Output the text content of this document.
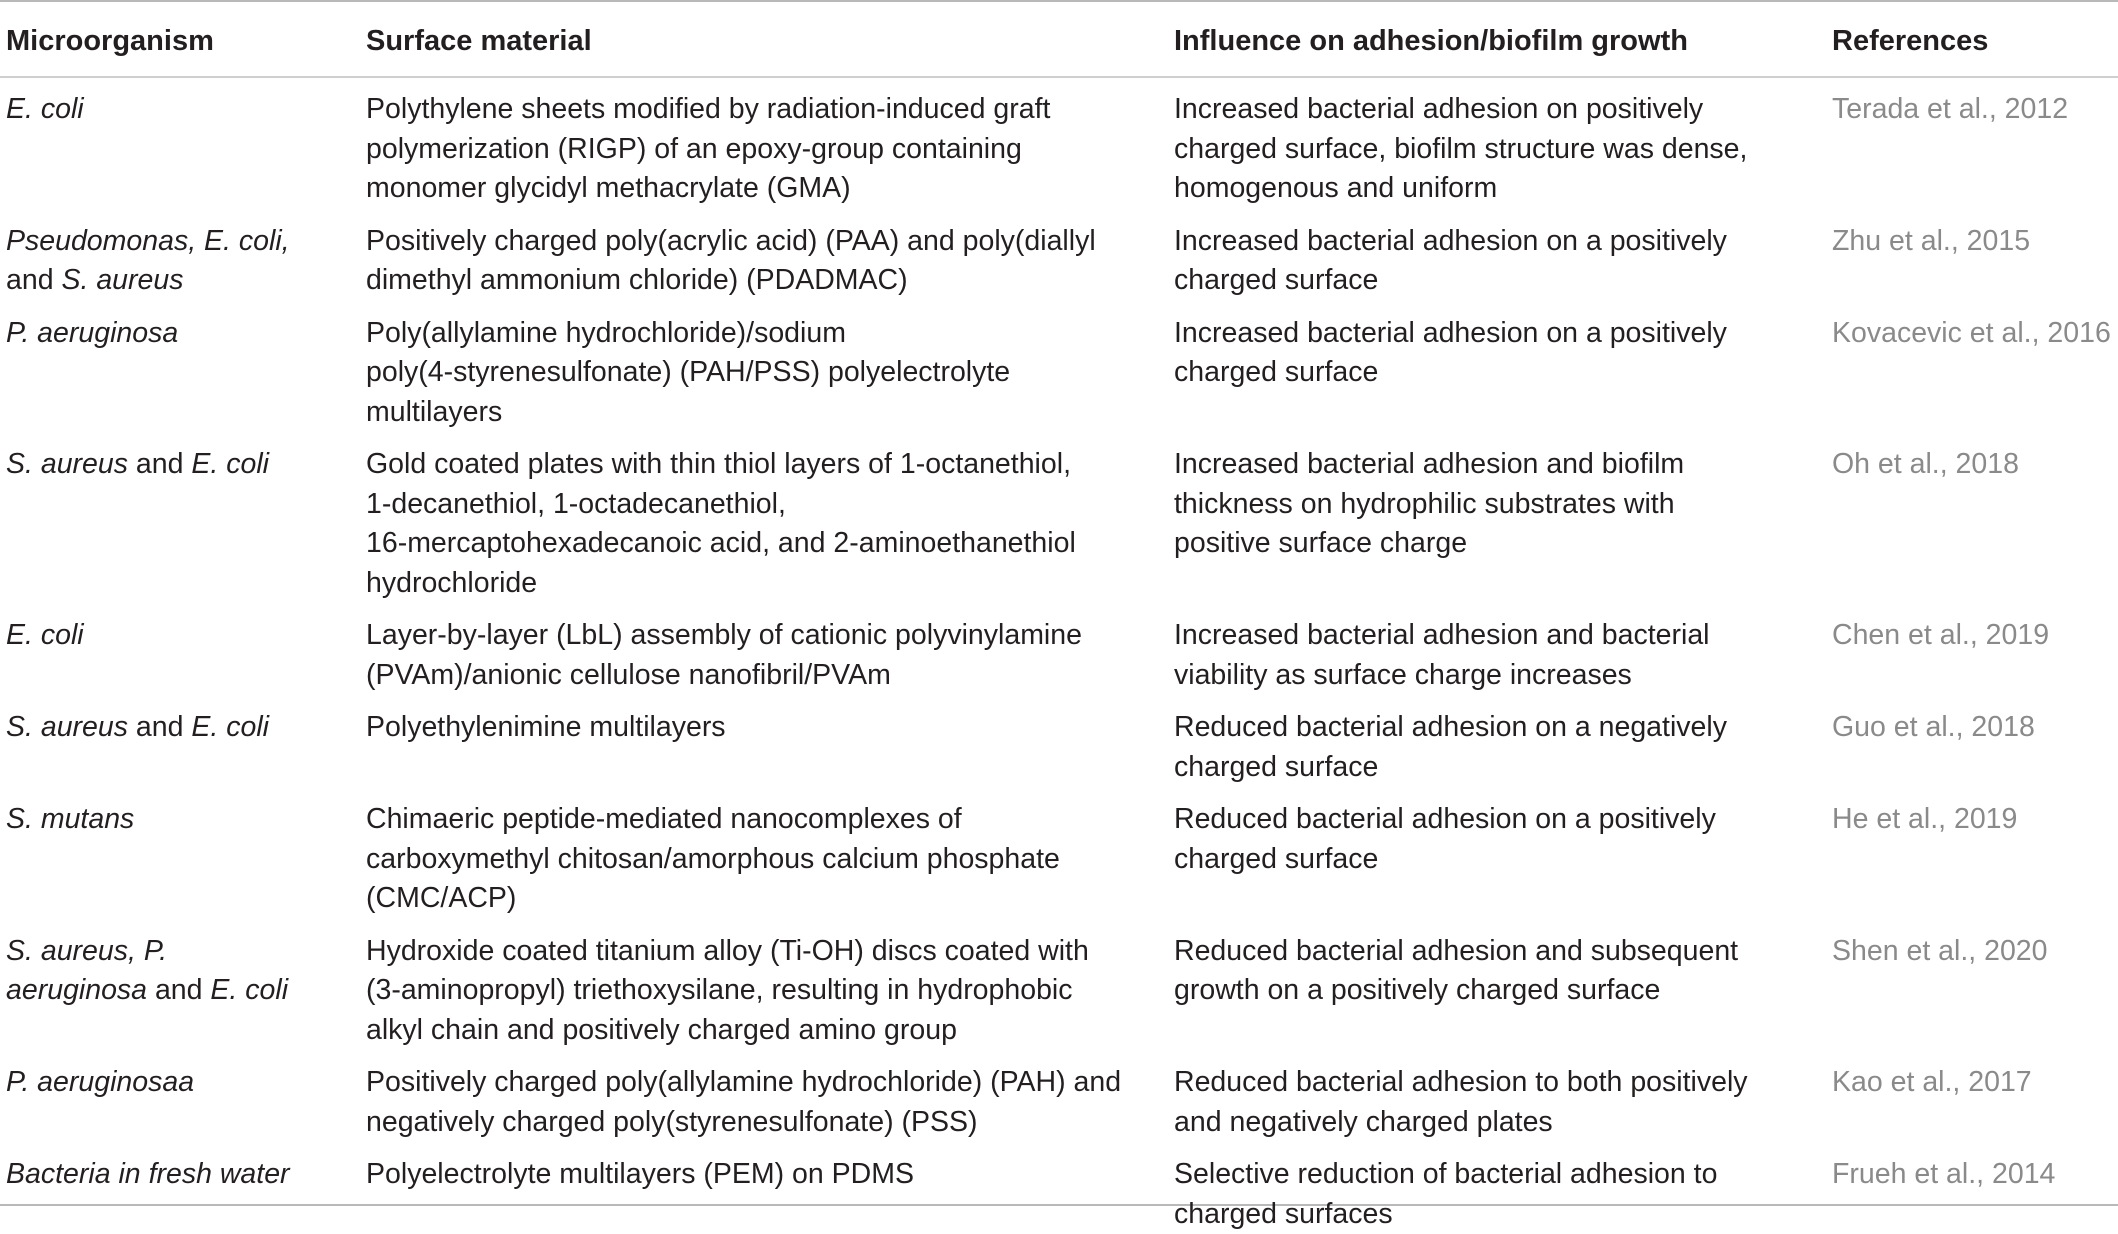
Microorganism	Surface material	Influence on adhesion/biofilm growth	References

E. coli	Polythylene sheets modified by radiation-induced graft
polymerization (RIGP) of an epoxy-group containing
monomer glycidyl methacrylate (GMA)	Increased bacterial adhesion on positively
charged surface, biofilm structure was dense,
homogenous and uniform	Terada et al., 2012

Pseudomonas, E. coli,
and S. aureus	Positively charged poly(acrylic acid) (PAA) and poly(diallyl
dimethyl ammonium chloride) (PDADMAC)	Increased bacterial adhesion on a positively
charged surface	Zhu et al., 2015

P. aeruginosa	Poly(allylamine hydrochloride)/sodium
poly(4-styrenesulfonate) (PAH/PSS) polyelectrolyte
multilayers	Increased bacterial adhesion on a positively
charged surface	Kovacevic et al., 2016

S. aureus and E. coli	Gold coated plates with thin thiol layers of 1-octanethiol,
1-decanethiol, 1-octadecanethiol,
16-mercaptohexadecanoic acid, and 2-aminoethanethiol
hydrochloride	Increased bacterial adhesion and biofilm
thickness on hydrophilic substrates with
positive surface charge	Oh et al., 2018

E. coli	Layer-by-layer (LbL) assembly of cationic polyvinylamine
(PVAm)/anionic cellulose nanofibril/PVAm	Increased bacterial adhesion and bacterial
viability as surface charge increases	Chen et al., 2019

S. aureus and E. coli	Polyethylenimine multilayers	Reduced bacterial adhesion on a negatively
charged surface	Guo et al., 2018

S. mutans	Chimaeric peptide-mediated nanocomplexes of
carboxymethyl chitosan/amorphous calcium phosphate
(CMC/ACP)	Reduced bacterial adhesion on a positively
charged surface	He et al., 2019

S. aureus, P.
aeruginosa and E. coli	Hydroxide coated titanium alloy (Ti-OH) discs coated with
(3-aminopropyl) triethoxysilane, resulting in hydrophobic
alkyl chain and positively charged amino group	Reduced bacterial adhesion and subsequent
growth on a positively charged surface	Shen et al., 2020

P. aeruginosaa	Positively charged poly(allylamine hydrochloride) (PAH) and
negatively charged poly(styrenesulfonate) (PSS)	Reduced bacterial adhesion to both positively
and negatively charged plates	Kao et al., 2017

Bacteria in fresh water	Polyelectrolyte multilayers (PEM) on PDMS	Selective reduction of bacterial adhesion to
charged surfaces	Frueh et al., 2014
